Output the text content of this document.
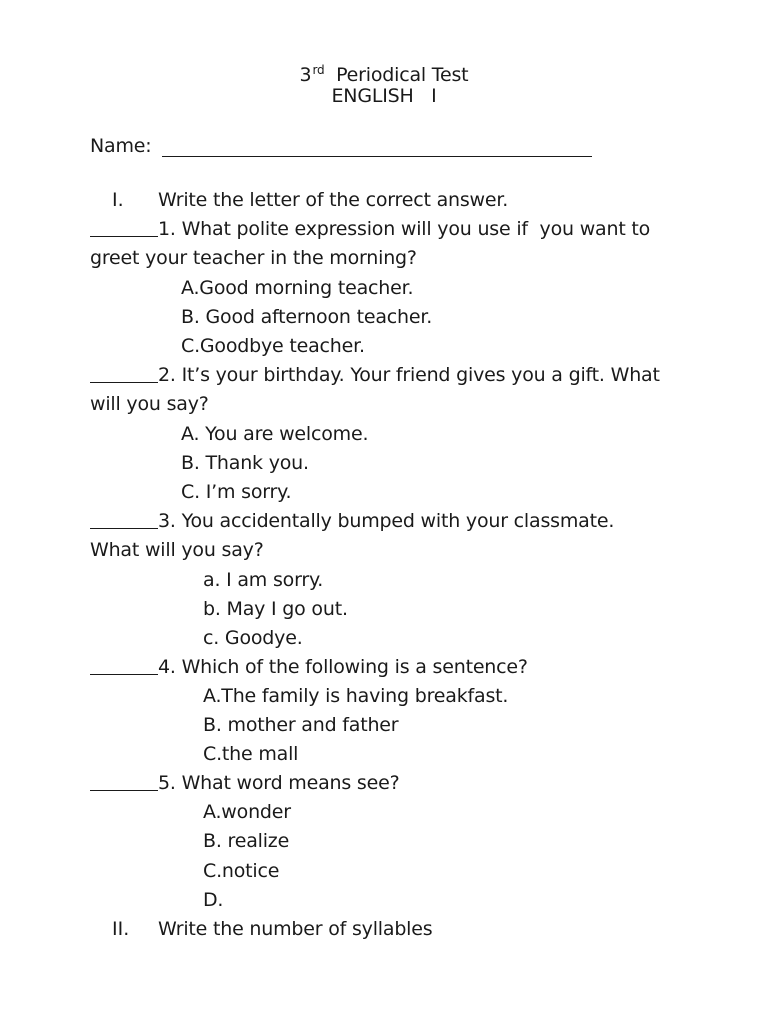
3rd Periodical Test
ENGLISH   I
Name:
I. Write the letter of the correct answer.
1. What polite expression will you use if  you want to
greet your teacher in the morning?
A.Good morning teacher.
B. Good afternoon teacher.
C.Goodbye teacher.
2. It’s your birthday. Your friend gives you a gift. What
will you say?
A. You are welcome.
B. Thank you.
C. I’m sorry.
3. You accidentally bumped with your classmate.
What will you say?
a. I am sorry.
b. May I go out.
c. Goodye.
4. Which of the following is a sentence?
A.The family is having breakfast.
B. mother and father
C.the mall
5. What word means see?
A.wonder
B. realize
C.notice
D.
II. Write the number of syllables
